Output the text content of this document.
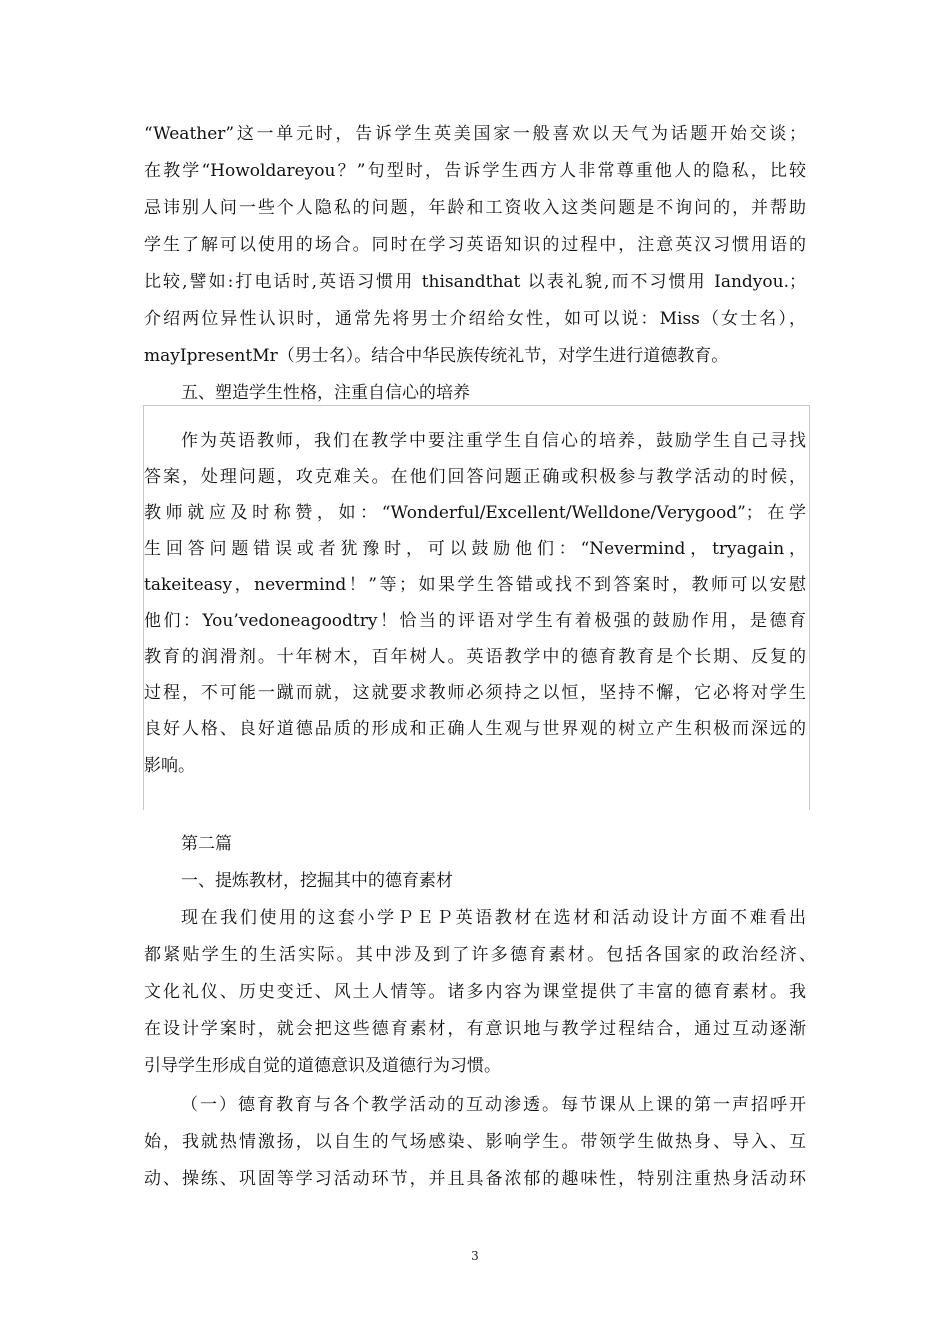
“Weather”这一单元时，告诉学生英美国家一般喜欢以天气为话题开始交谈；
在教学“Howoldareyou？”句型时，告诉学生西方人非常尊重他人的隐私，比较
忌讳别人问一些个人隐私的问题，年龄和工资收入这类问题是不询问的，并帮助
学生了解可以使用的场合。同时在学习英语知识的过程中，注意英汉习惯用语的
比较,譬如:打电话时,英语习惯用 thisandthat 以表礼貌,而不习惯用 Iandyou.；
介绍两位异性认识时，通常先将男士介绍给女性，如可以说：Miss（女士名），
mayIpresentMr（男士名）。结合中华民族传统礼节，对学生进行道德教育。
五、塑造学生性格，注重自信心的培养
作为英语教师，我们在教学中要注重学生自信心的培养，鼓励学生自己寻找
答案，处理问题，攻克难关。在他们回答问题正确或积极参与教学活动的时候，
教师就应及时称赞，如：“Wonderful/Excellent/Welldone/Verygood”；在学
生回答问题错误或者犹豫时，可以鼓励他们：“Nevermind，tryagain，
takeiteasy，nevermind！”等；如果学生答错或找不到答案时，教师可以安慰
他们：You’vedoneagoodtry！恰当的评语对学生有着极强的鼓励作用，是德育
教育的润滑剂。十年树木，百年树人。英语教学中的德育教育是个长期、反复的
过程，不可能一蹴而就，这就要求教师必须持之以恒，坚持不懈，它必将对学生
良好人格、良好道德品质的形成和正确人生观与世界观的树立产生积极而深远的
影响。
第二篇
一、提炼教材，挖掘其中的德育素材
现在我们使用的这套小学ＰＥＰ英语教材在选材和活动设计方面不难看出
都紧贴学生的生活实际。其中涉及到了许多德育素材。包括各国家的政治经济、
文化礼仪、历史变迁、风土人情等。诸多内容为课堂提供了丰富的德育素材。我
在设计学案时，就会把这些德育素材，有意识地与教学过程结合，通过互动逐渐
引导学生形成自觉的道德意识及道德行为习惯。
（一）德育教育与各个教学活动的互动渗透。每节课从上课的第一声招呼开
始，我就热情激扬，以自生的气场感染、影响学生。带领学生做热身、导入、互
动、操练、巩固等学习活动环节，并且具备浓郁的趣味性，特别注重热身活动环
3
